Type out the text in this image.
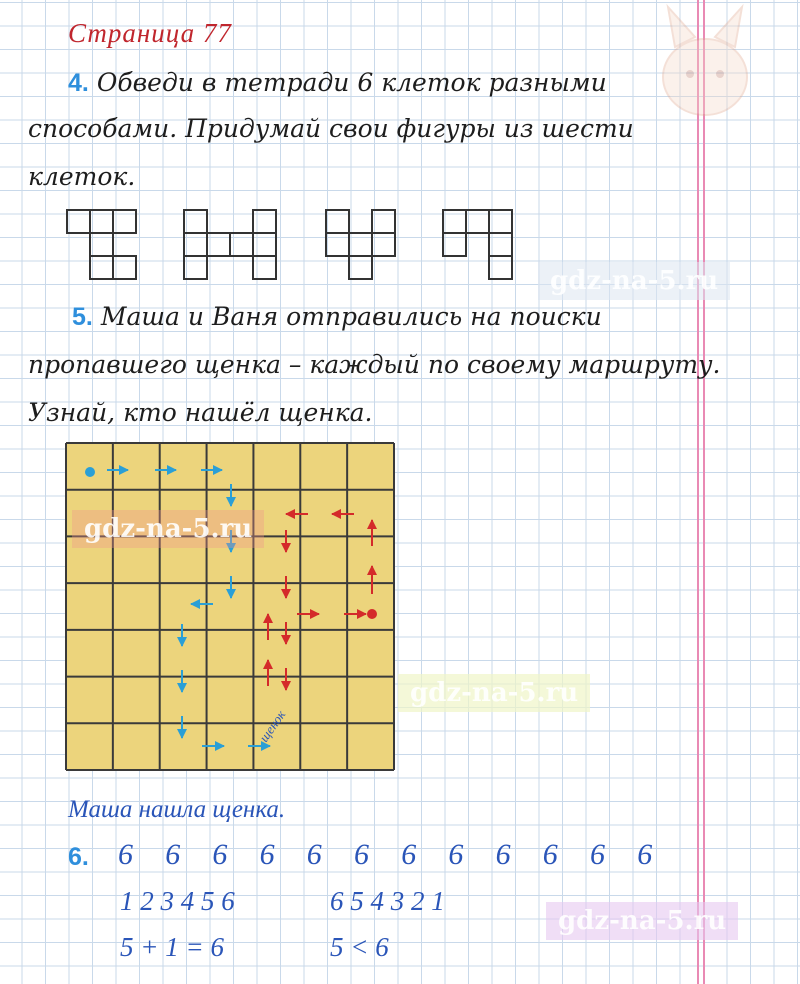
Страница 77
4. Обведи в тетради 6 клеток разными
способами. Придумай свои фигуры из шести
клеток.
gdz-na-5.ru
5. Маша и Ваня отправились на поиски
пропавшего щенка – каждый по своему маршруту.
Узнай, кто нашёл щенка.
щенок
gdz-na-5.ru
gdz-na-5.ru
Маша нашла щенка.
6. 6 6 6 6 6 6 6 6 6 6 6 6
1 2 3 4 5 6	6 5 4 3 2 1
5 + 1 = 6	5 < 6
gdz-na-5.ru
